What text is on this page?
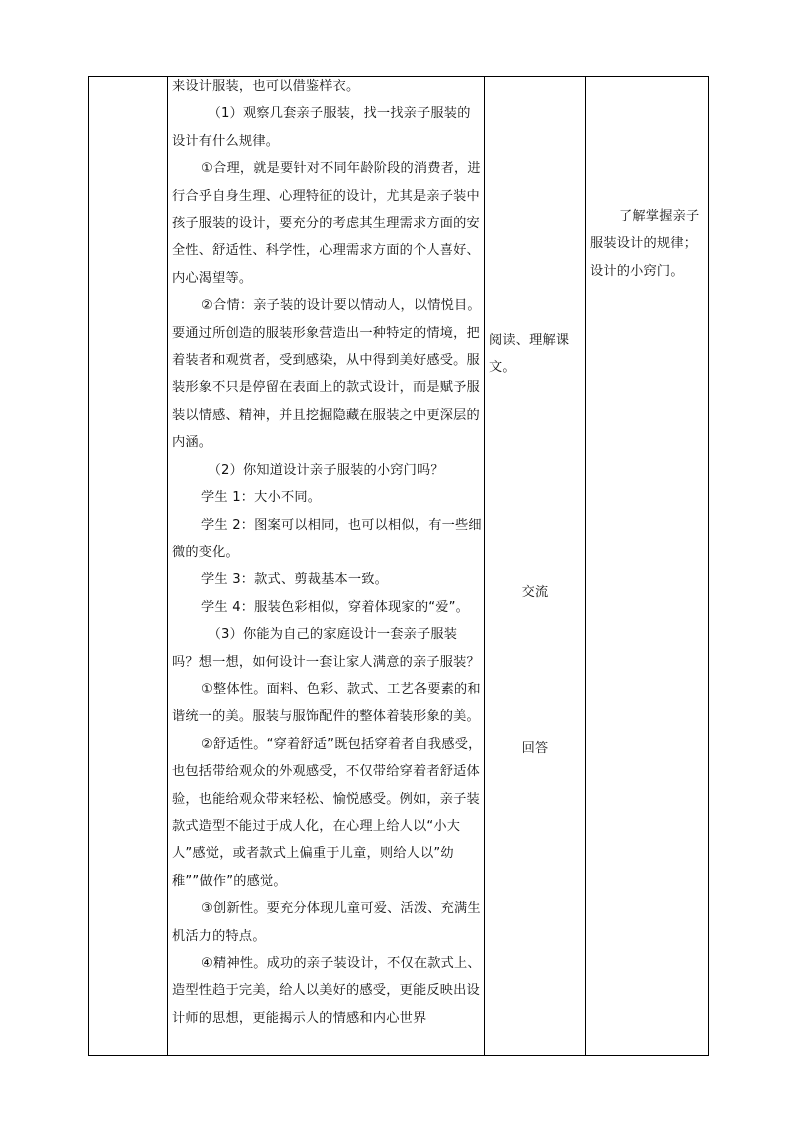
来设计服装，也可以借鉴样衣。

（1）观察几套亲子服装，找一找亲子服装的设计有什么规律。

①合理，就是要针对不同年龄阶段的消费者，进行合乎自身生理、心理特征的设计，尤其是亲子装中孩子服装的设计，要充分的考虑其生理需求方面的安全性、舒适性、科学性，心理需求方面的个人喜好、内心渴望等。

②合情：亲子装的设计要以情动人，以情悦目。要通过所创造的服装形象营造出一种特定的情境，把着装者和观赏者，受到感染，从中得到美好感受。服装形象不只是停留在表面上的款式设计，而是赋予服装以情感、精神，并且挖掘隐藏在服装之中更深层的内涵。

（2）你知道设计亲子服装的小窍门吗？

学生 1：大小不同。

学生 2：图案可以相同，也可以相似，有一些细微的变化。

学生 3：款式、剪裁基本一致。

学生 4：服装色彩相似，穿着体现家的“爱”。

（3）你能为自己的家庭设计一套亲子服装吗？想一想，如何设计一套让家人满意的亲子服装？

①整体性。面料、色彩、款式、工艺各要素的和谐统一的美。服装与服饰配件的整体着装形象的美。

②舒适性。“穿着舒适”既包括穿着者自我感受，也包括带给观众的外观感受，不仅带给穿着者舒适体验，也能给观众带来轻松、愉悦感受。例如，亲子装款式造型不能过于成人化，在心理上给人以“小大人”感觉，或者款式上偏重于儿童，则给人以”幼稚””做作”的感觉。

③创新性。要充分体现儿童可爱、活泼、充满生机活力的特点。

④精神性。成功的亲子装设计，不仅在款式上、造型性趋于完美，给人以美好的感受，更能反映出设计师的思想，更能揭示人的情感和内心世界

阅读、理解课文。
交流
回答
了解掌握亲子服装设计的规律；设计的小窍门。
